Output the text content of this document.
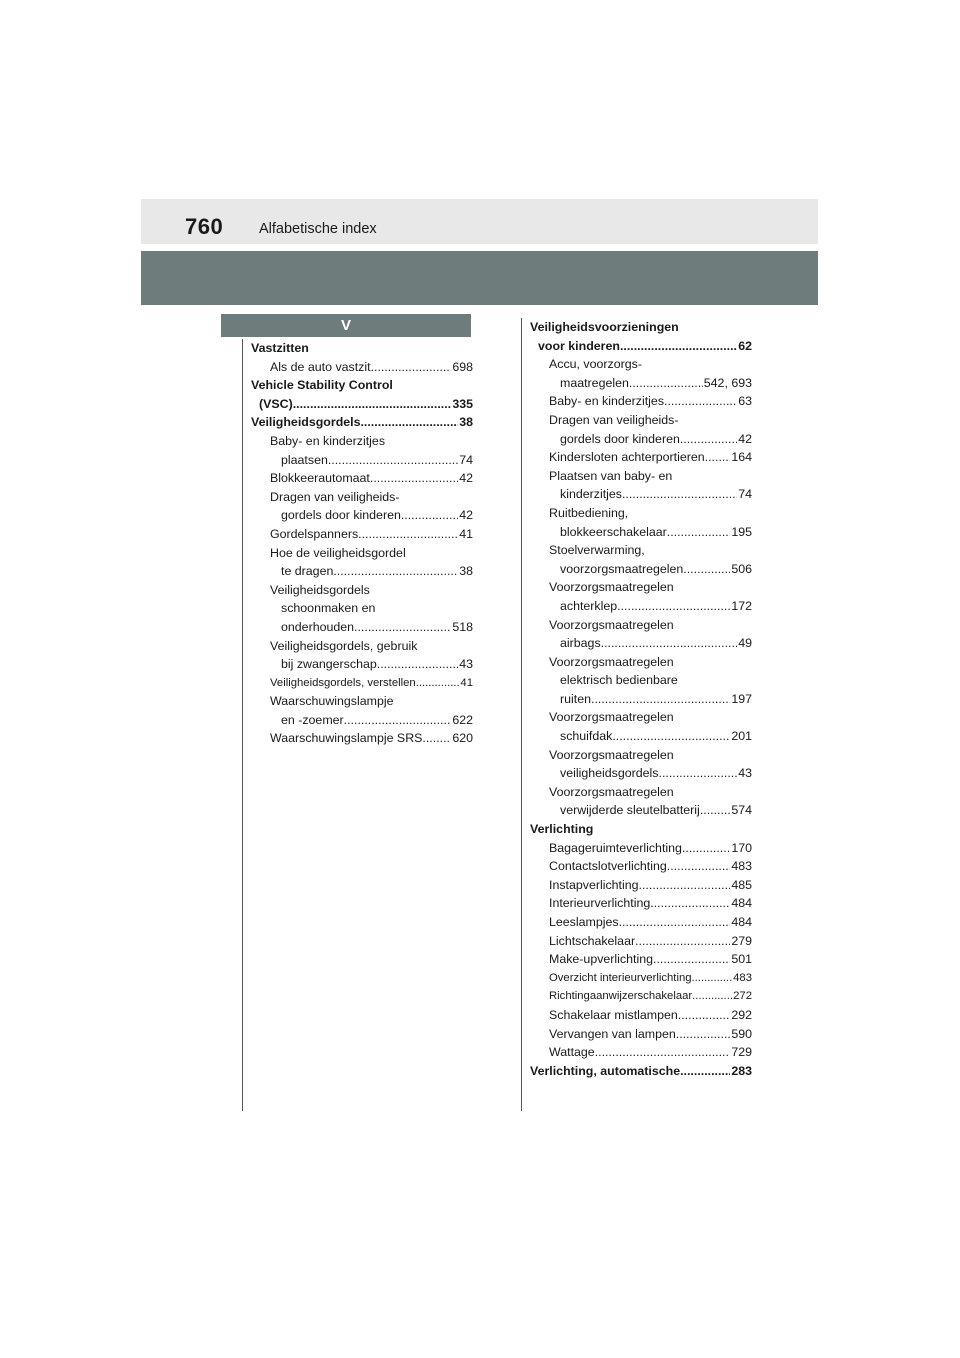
760 Alfabetische index
V
Vastzitten
Als de auto vastzit .....	698
Vehicle Stability Control
(VSC) .....	335
Veiligheidsgordels .....	38
Baby- en kinderzitjes
plaatsen .....	74
Blokkeerautomaat .....	42
Dragen van veiligheids-
gordels door kinderen .....	42
Gordelspanners .....	41
Hoe de veiligheidsgordel
te dragen .....	38
Veiligheidsgordels
schoonmaken en
onderhouden .....	518
Veiligheidsgordels, gebruik
bij zwangerschap .....	43
Veiligheidsgordels, verstellen .....	41
Waarschuwingslampje
en -zoemer .....	622
Waarschuwingslampje SRS ..... 620
Veiligheidsvoorzieningen
voor kinderen .....	62
Accu, voorzorgs-
maatregelen .....	542, 693
Baby- en kinderzitjes .....	63
Dragen van veiligheids-
gordels door kinderen .....	42
Kindersloten achterportieren ..... 164
Plaatsen van baby- en
kinderzitjes .....	74
Ruitbediening,
blokkeerschakelaar .....	195
Stoelverwarming,
voorzorgsmaatregelen .....	506
Voorzorgsmaatregelen
achterklep .....	172
Voorzorgsmaatregelen
airbags .....	49
Voorzorgsmaatregelen
elektrisch bedienbare
ruiten .....	197
Voorzorgsmaatregelen
schuifdak .....	201
Voorzorgsmaatregelen
veiligheidsgordels .....	43
Voorzorgsmaatregelen
verwijderde sleutelbatterij .....	574
Verlichting
Bagageruimteverlichting .....	170
Contactslotverlichting .....	483
Instapverlichting .....	485
Interieurverlichting .....	484
Leeslampjes .....	484
Lichtschakelaar .....	279
Make-upverlichting .....	501
Overzicht interieurverlichting .....	483
Richtingaanwijzerschakelaar .....	272
Schakelaar mistlampen .....	292
Vervangen van lampen .....	590
Wattage .....	729
Verlichting, automatische .....	283
